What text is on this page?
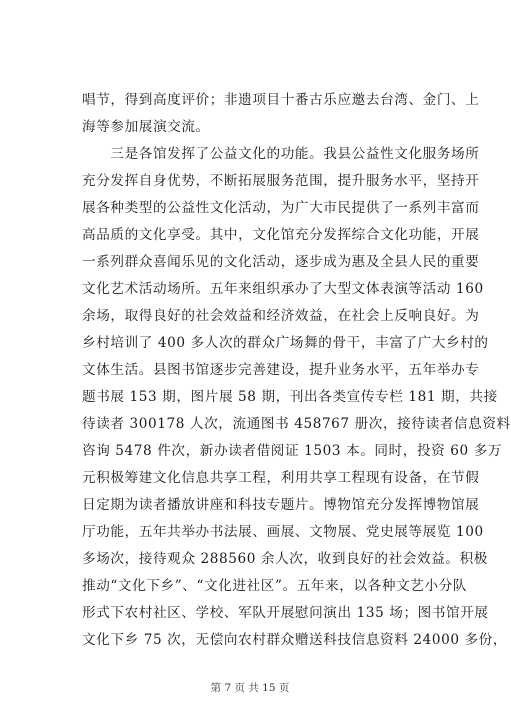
唱节，得到高度评价；非遗项目十番古乐应邀去台湾、金门、上
海等参加展演交流。
　　三是各馆发挥了公益文化的功能。我县公益性文化服务场所
充分发挥自身优势，不断拓展服务范围，提升服务水平，坚持开
展各种类型的公益性文化活动，为广大市民提供了一系列丰富而
高品质的文化享受。其中，文化馆充分发挥综合文化功能，开展
一系列群众喜闻乐见的文化活动，逐步成为惠及全县人民的重要
文化艺术活动场所。五年来组织承办了大型文体表演等活动 160
余场，取得良好的社会效益和经济效益，在社会上反响良好。为
乡村培训了 400 多人次的群众广场舞的骨干，丰富了广大乡村的
文体生活。县图书馆逐步完善建设，提升业务水平，五年举办专
题书展 153 期，图片展 58 期，刊出各类宣传专栏 181 期，共接
待读者 300178 人次，流通图书 458767 册次，接待读者信息资料
咨询 5478 件次，新办读者借阅证 1503 本。同时，投资 60 多万
元积极筹建文化信息共享工程，利用共享工程现有设备，在节假
日定期为读者播放讲座和科技专题片。博物馆充分发挥博物馆展
厅功能，五年共举办书法展、画展、文物展、党史展等展览 100
多场次，接待观众 288560 余人次，收到良好的社会效益。积极
推动“文化下乡”、“文化进社区”。五年来，以各种文艺小分队
形式下农村社区、学校、军队开展慰问演出 135 场；图书馆开展
文化下乡 75 次，无偿向农村群众赠送科技信息资料 24000 多份，
第 7 页 共 15 页
